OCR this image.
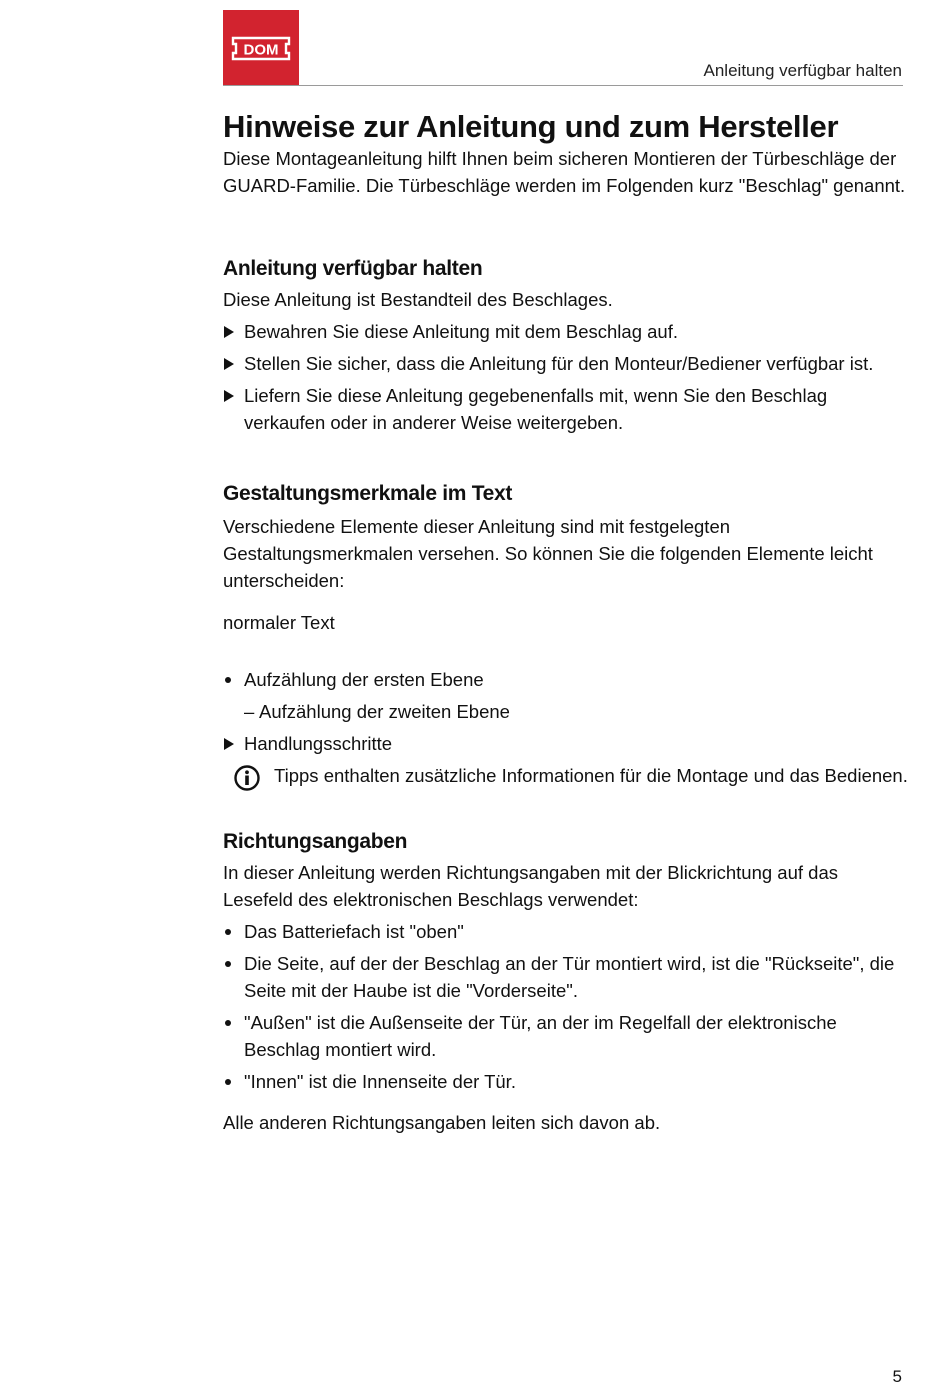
DOM
Anleitung verfügbar halten
Hinweise zur Anleitung und zum Hersteller

Diese Montageanleitung hilft Ihnen beim sicheren Montieren der Türbeschläge der GUARD-Familie. Die Türbeschläge werden im Folgenden kurz "Beschlag" genannt.

Anleitung verfügbar halten

Diese Anleitung ist Bestandteil des Beschlages.

Bewahren Sie diese Anleitung mit dem Beschlag auf.
Stellen Sie sicher, dass die Anleitung für den Monteur/Bediener verfügbar ist.
Liefern Sie diese Anleitung gegebenenfalls mit, wenn Sie den Beschlag verkaufen oder in anderer Weise weitergeben.
Gestaltungsmerkmale im Text

Verschiedene Elemente dieser Anleitung sind mit festgelegten Gestaltungsmerkmalen versehen. So können Sie die folgenden Elemente leicht unterscheiden:

normaler Text

Aufzählung der ersten Ebene
– Aufzählung der zweiten Ebene
Handlungsschritte
Tipps enthalten zusätzliche Informationen für die Montage und das Bedienen.
Richtungsangaben

In dieser Anleitung werden Richtungsangaben mit der Blickrichtung auf das Lesefeld des elektronischen Beschlags verwendet:

Das Batteriefach ist "oben"
Die Seite, auf der der Beschlag an der Tür montiert wird, ist die "Rückseite", die Seite mit der Haube ist die "Vorderseite".
"Außen" ist die Außenseite der Tür, an der im Regelfall der elektronische Beschlag montiert wird.
"Innen" ist die Innenseite der Tür.

Alle anderen Richtungsangaben leiten sich davon ab.

5
